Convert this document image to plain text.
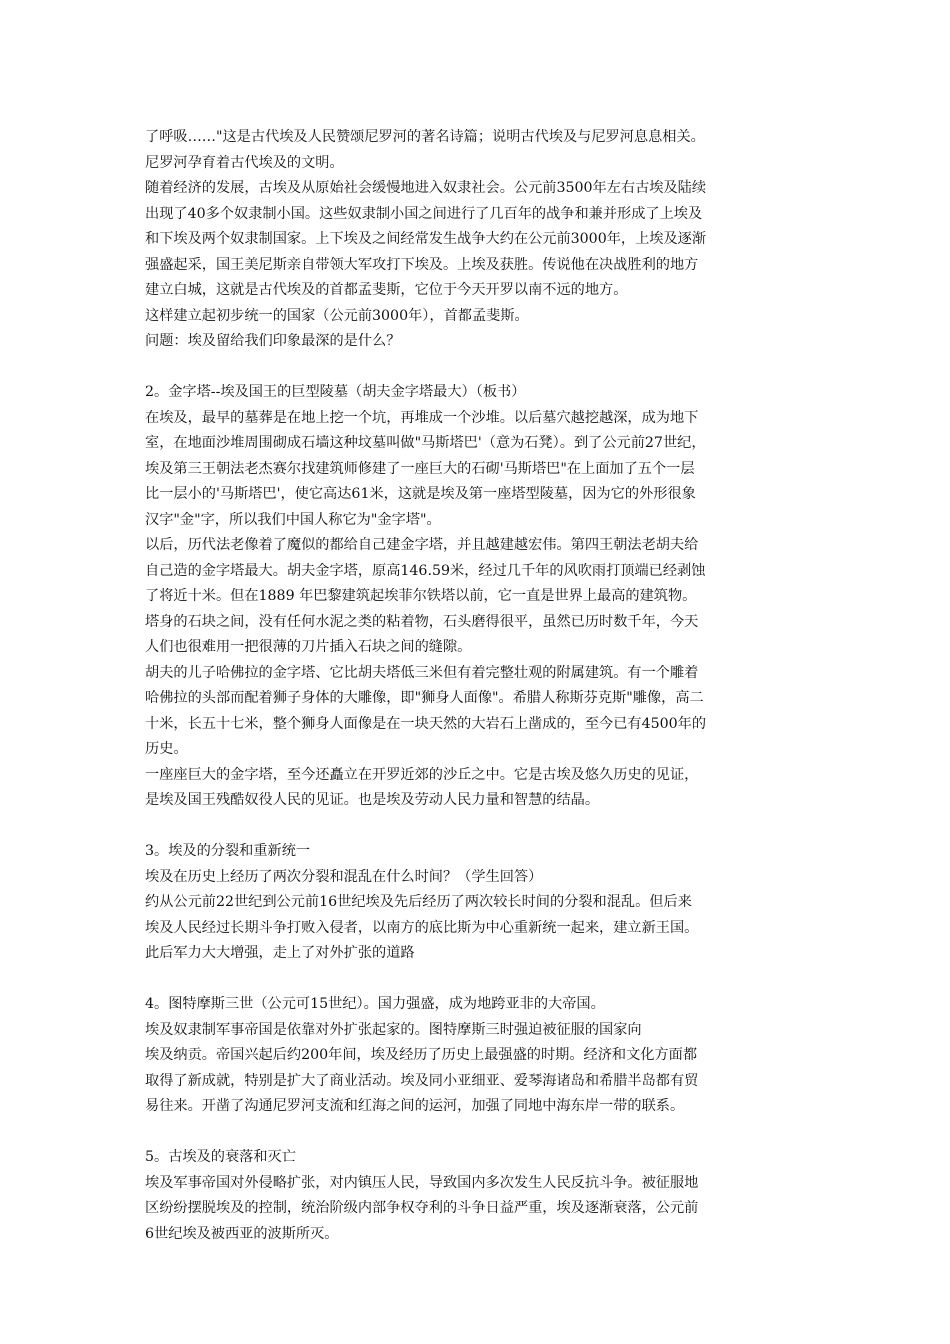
了呼吸……"这是古代埃及人民赞颂尼罗河的著名诗篇；说明古代埃及与尼罗河息息相关。
尼罗河孕育着古代埃及的文明。
随着经济的发展，古埃及从原始社会缓慢地进入奴隶社会。公元前3500年左右古埃及陆续
出现了40多个奴隶制小国。这些奴隶制小国之间进行了几百年的战争和兼并形成了上埃及
和下埃及两个奴隶制国家。上下埃及之间经常发生战争大约在公元前3000年，上埃及逐渐
强盛起采，国王美尼斯亲自带领大军攻打下埃及。上埃及获胜。传说他在决战胜利的地方
建立白城，这就是古代埃及的首都孟斐斯，它位于今天开罗以南不远的地方。
这样建立起初步统一的国家（公元前3000年），首都孟斐斯。
问题：埃及留给我们印象最深的是什么？
2。金字塔--埃及国王的巨型陵墓（胡夫金字塔最大）（板书）
在埃及，最早的墓葬是在地上挖一个坑，再堆成一个沙堆。以后墓穴越挖越深，成为地下
室，在地面沙堆周围砌成石墙这种坟墓叫做"马斯塔巴'（意为石凳）。到了公元前27世纪，
埃及第三王朝法老杰赛尔找建筑师修建了一座巨大的石砌'马斯塔巴"在上面加了五个一层
比一层小的'马斯塔巴'，使它高达61米，这就是埃及第一座塔型陵墓，因为它的外形很象
汉字"金"字，所以我们中国人称它为"金字塔"。
以后，历代法老像着了魔似的都给自己建金字塔，并且越建越宏伟。第四王朝法老胡夫给
自己造的金字塔最大。胡夫金字塔，原高146.59米，经过几千年的风吹雨打顶端已经剥蚀
了将近十米。但在1889 年巴黎建筑起埃菲尔铁塔以前，它一直是世界上最高的建筑物。
塔身的石块之间，没有任何水泥之类的粘着物，石头磨得很平，虽然已历时数千年，今天
人们也很难用一把很薄的刀片插入石块之间的缝隙。
胡夫的儿子哈佛拉的金字塔、它比胡夫塔低三米但有着完整壮观的附属建筑。有一个雕着
哈佛拉的头部而配着狮子身体的大雕像，即"狮身人面像"。希腊人称斯芬克斯"雕像，高二
十米，长五十七米，整个狮身人面像是在一块天然的大岩石上凿成的，至今已有4500年的
历史。
一座座巨大的金字塔，至今还矗立在开罗近郊的沙丘之中。它是古埃及悠久历史的见证，
是埃及国王残酷奴役人民的见证。也是埃及劳动人民力量和智慧的结晶。
3。埃及的分裂和重新统一
埃及在历史上经历了两次分裂和混乱在什么时间？（学生回答）
约从公元前22世纪到公元前16世纪埃及先后经历了两次较长时间的分裂和混乱。但后来
埃及人民经过长期斗争打败入侵者，以南方的底比斯为中心重新统一起来，建立新王国。
此后军力大大增强，走上了对外扩张的道路
4。图特摩斯三世（公元可15世纪）。国力强盛，成为地跨亚非的大帝国。
埃及奴隶制军事帝国是依靠对外扩张起家的。图特摩斯三时强迫被征服的国家向
埃及纳贡。帝国兴起后约200年间，埃及经历了历史上最强盛的时期。经济和文化方面都
取得了新成就，特别是扩大了商业活动。埃及同小亚细亚、爱琴海诸岛和希腊半岛都有贸
易往来。开凿了沟通尼罗河支流和红海之间的运河，加强了同地中海东岸一带的联系。
5。古埃及的衰落和灭亡
埃及军事帝国对外侵略扩张，对内镇压人民，导致国内多次发生人民反抗斗争。被征服地
区纷纷摆脱埃及的控制，统治阶级内部争权夺利的斗争日益严重，埃及逐渐衰落，公元前
6世纪埃及被西亚的波斯所灭。
